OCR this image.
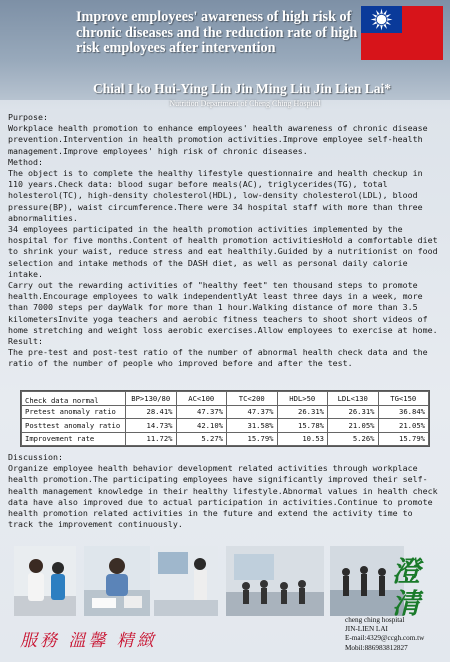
Improve employees' awareness of high risk of chronic diseases and the reduction rate of high risk employees after intervention
Chial I ko Hui-Ying Lin Jin Ming Liu Jin Lien Lai*
Nutrition Department of Cheng Ching Hospital

Purpose:

Workplace health promotion to enhance employees' health awareness of chronic disease prevention.Intervention in health promotion activities.Improve employee self-health management.Improve employees' high risk of chronic diseases.

Method:

The object is to complete the healthy lifestyle questionnaire and health checkup in 110 years.Check data: blood sugar before meals(AC), triglycerides(TG), total holesterol(TC), high-density cholesterol(HDL), low-density cholesterol(LDL), blood pressure(BP), waist circumference.There were 34 hospital staff with more than three abnormalities.

34 employees participated in the health promotion activities implemented by the hospital for five months.Content of health promotion activitiesHold a comfortable diet to shrink your waist, reduce stress and eat healthily.Guided by a nutritionist on food selection and intake methods of the DASH diet, as well as personal daily calorie intake.

Carry out the rewarding activities of "healthy feet" ten thousand steps to promote health.Encourage employees to walk independentlyAt least three days in a week, more than 7000 steps per dayWalk for more than 1 hour.Walking distance of more than 3.5 kilometersInvite yoga teachers and aerobic fitness teachers to shoot short videos of home stretching and weight loss aerobic exercises.Allow employees to exercise at home.

Result:

The pre-test and post-test ratio of the number of abnormal health check data and the ratio of the number of people who improved before and after the test.

Check data normal	BP>130/80	AC<100	TC<200	HDL>50	LDL<130	TG<150
Pretest anomaly ratio	28.41%	47.37%	47.37%	26.31%	26.31%	36.84%
Posttest anomaly ratio	14.73%	42.10%	31.58%	15.78%	21.05%	21.05%
Improvement rate	11.72%	5.27%	15.79%	10.53	5.26%	15.79%

Discussion:

Organize employee health behavior development related activities through workplace health promotion.The participating employees have significantly improved their self-health management knowledge in their healthy lifestyle.Abnormal values in health check data have also improved due to actual participation in activities.Continue to promote health promotion related activities in the future and extend the activity time to track the improvement continuously.

澄 清
服務 溫馨 精緻
cheng ching hospital
JIN-LIEN LAI
E-mail:4329@ccgh.com.tw
Mobil:886983812827
